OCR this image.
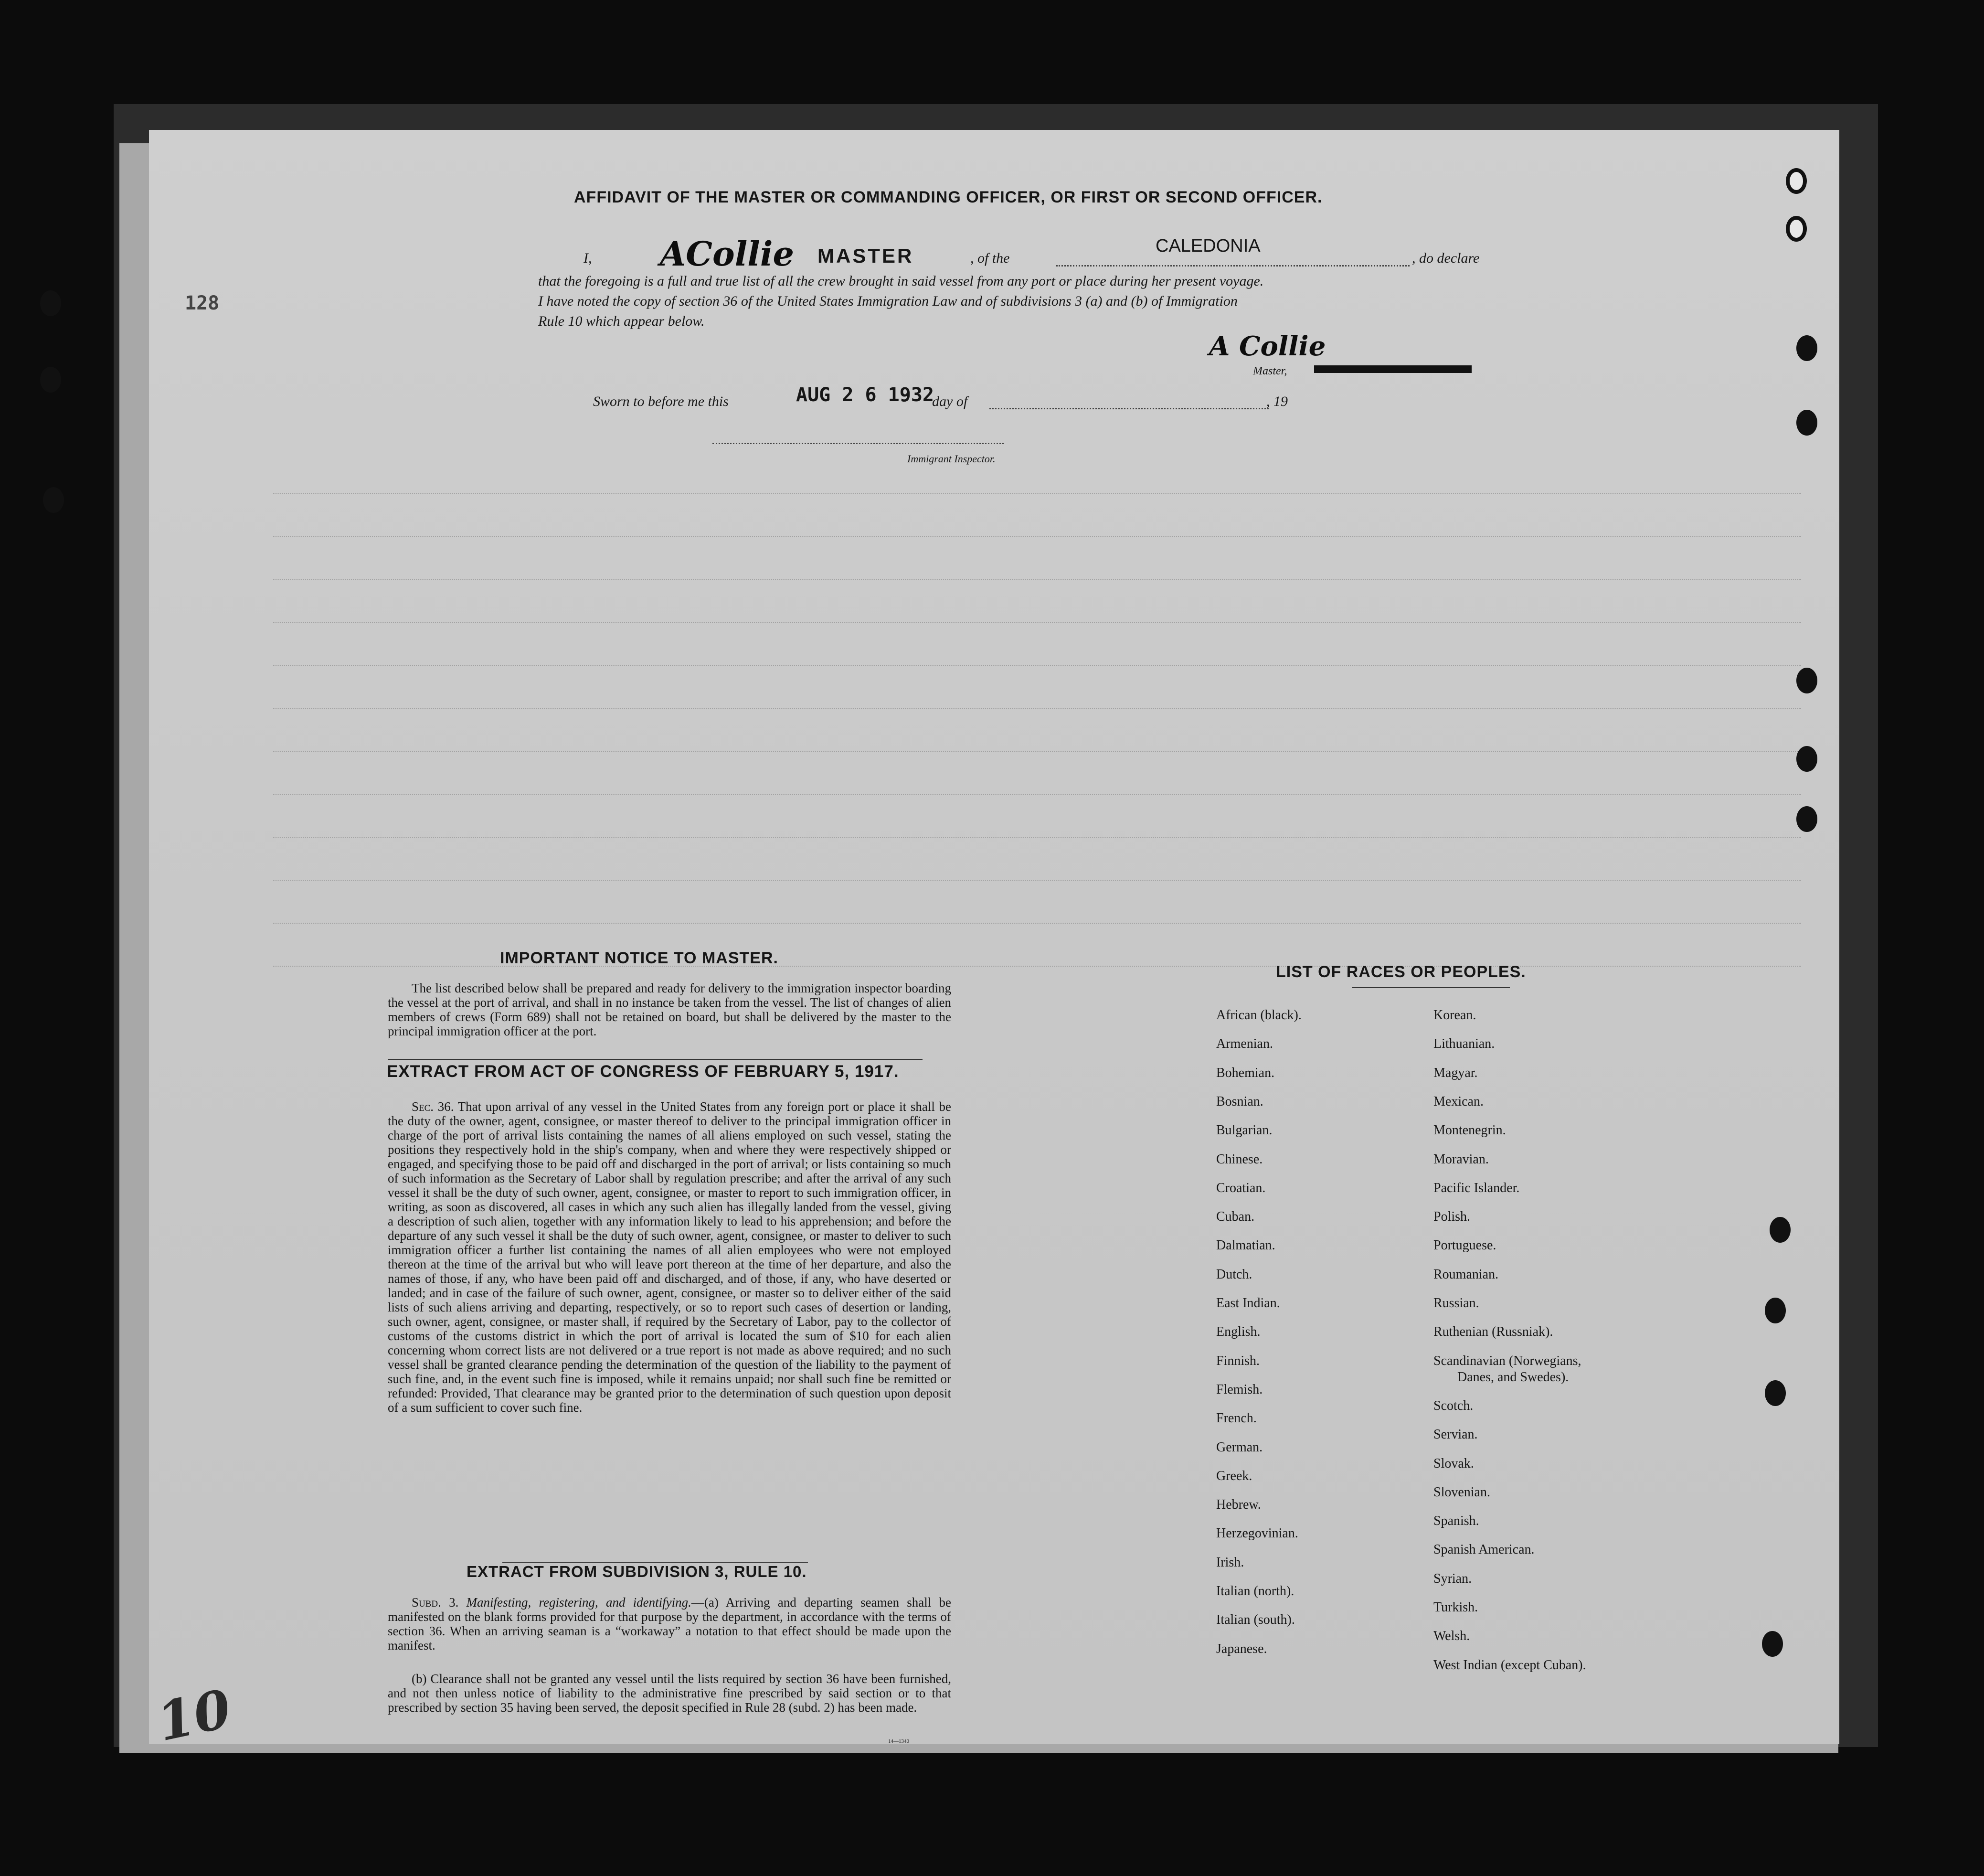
128
AFFIDAVIT OF THE MASTER OR COMMANDING OFFICER, OR FIRST OR SECOND OFFICER.
I, ACollie MASTER	, of the
CALEDONIA
, do declare
that the foregoing is a full and true list of all the crew brought in said vessel from any port or place during her present voyage.
I have noted the copy of section 36 of the United States Immigration Law and of subdivisions 3 (a) and (b) of Immigration
Rule 10 which appear below.
A Collie
Master,
Sworn to before me this	AUG 2 6 1932
day of	, 19
Immigrant Inspector.
IMPORTANT NOTICE TO MASTER.
The list described below shall be prepared and ready for delivery to the immigration inspector boarding the vessel at the port of arrival, and shall in no instance be taken from the vessel. The list of changes of alien members of crews (Form 689) shall not be retained on board, but shall be delivered by the master to the principal immigration officer at the port.
EXTRACT FROM ACT OF CONGRESS OF FEBRUARY 5, 1917.
Sec. 36. That upon arrival of any vessel in the United States from any foreign port or place it shall be the duty of the owner, agent, consignee, or master thereof to deliver to the principal immigration officer in charge of the port of arrival lists containing the names of all aliens employed on such vessel, stating the positions they respectively hold in the ship's company, when and where they were respectively shipped or engaged, and specifying those to be paid off and discharged in the port of arrival; or lists containing so much of such information as the Secretary of Labor shall by regulation prescribe; and after the arrival of any such vessel it shall be the duty of such owner, agent, consignee, or master to report to such immigration officer, in writing, as soon as discovered, all cases in which any such alien has illegally landed from the vessel, giving a description of such alien, together with any information likely to lead to his apprehension; and before the departure of any such vessel it shall be the duty of such owner, agent, consignee, or master to deliver to such immigration officer a further list containing the names of all alien employees who were not employed thereon at the time of the arrival but who will leave port thereon at the time of her departure, and also the names of those, if any, who have been paid off and discharged, and of those, if any, who have deserted or landed; and in case of the failure of such owner, agent, consignee, or master so to deliver either of the said lists of such aliens arriving and departing, respectively, or so to report such cases of desertion or landing, such owner, agent, consignee, or master shall, if required by the Secretary of Labor, pay to the collector of customs of the customs district in which the port of arrival is located the sum of $10 for each alien concerning whom correct lists are not delivered or a true report is not made as above required; and no such vessel shall be granted clearance pending the determination of the question of the liability to the payment of such fine, and, in the event such fine is imposed, while it remains unpaid; nor shall such fine be remitted or refunded: Provided, That clearance may be granted prior to the determination of such question upon deposit of a sum sufficient to cover such fine.
EXTRACT FROM SUBDIVISION 3, RULE 10.
Subd. 3. Manifesting, registering, and identifying.—(a) Arriving and departing seamen shall be manifested on the blank forms provided for that purpose by the department, in accordance with the terms of section 36. When an arriving seaman is a “workaway” a notation to that effect should be made upon the manifest.
(b) Clearance shall not be granted any vessel until the lists required by section 36 have been furnished, and not then unless notice of liability to the administrative fine prescribed by said section or to that prescribed by section 35 having been served, the deposit specified in Rule 28 (subd. 2) has been made.
14—1340
LIST OF RACES OR PEOPLES.
African (black).
Armenian.
Bohemian.
Bosnian.
Bulgarian.
Chinese.
Croatian.
Cuban.
Dalmatian.
Dutch.
East Indian.
English.
Finnish.
Flemish.
French.
German.
Greek.
Hebrew.
Herzegovinian.
Irish.
Italian (north).
Italian (south).
Japanese.
Korean.
Lithuanian.
Magyar.
Mexican.
Montenegrin.
Moravian.
Pacific Islander.
Polish.
Portuguese.
Roumanian.
Russian.
Ruthenian (Russniak).
Scandinavian (Norwegians,
Danes, and Swedes).
Scotch.
Servian.
Slovak.
Slovenian.
Spanish.
Spanish American.
Syrian.
Turkish.
Welsh.
West Indian (except Cuban).
10
